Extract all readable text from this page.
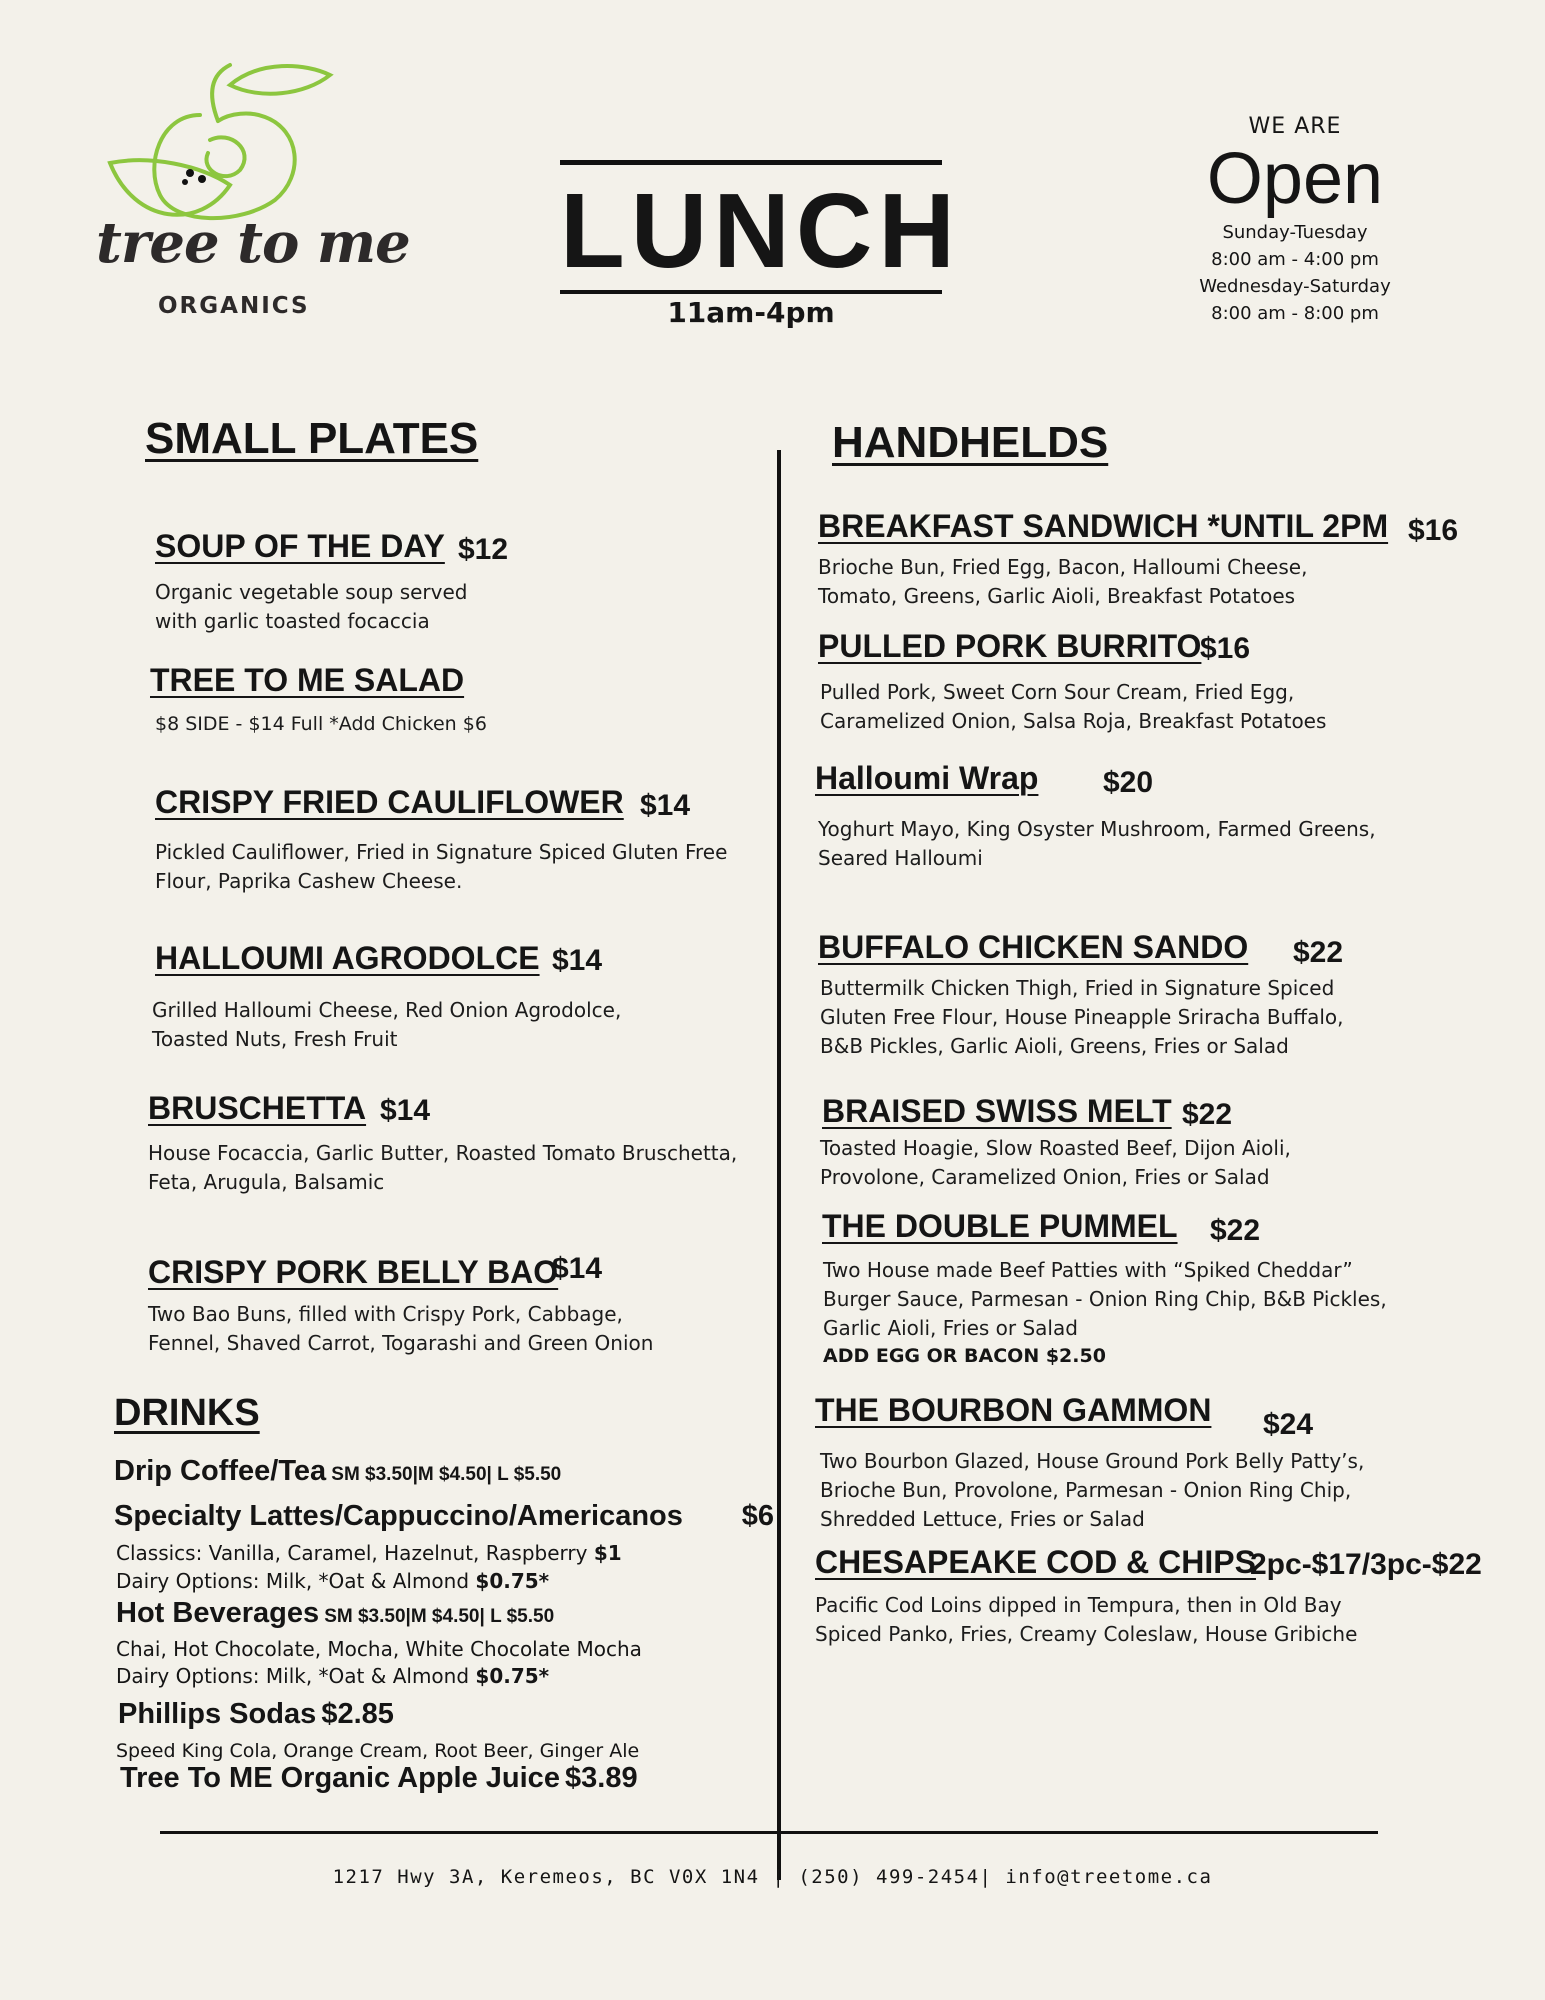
tree to me
ORGANICS
LUNCH
11am-4pm
WE ARE
Open
Sunday-Tuesday
8:00 am - 4:00 pm
Wednesday-Saturday
8:00 am - 8:00 pm
SMALL PLATES
SOUP OF THE DAY $12
Organic vegetable soup served
with garlic toasted focaccia
TREE TO ME SALAD
$8 SIDE - $14 Full *Add Chicken $6
CRISPY FRIED CAULIFLOWER $14
Pickled Cauliflower, Fried in Signature Spiced Gluten Free
Flour, Paprika Cashew Cheese.
HALLOUMI AGRODOLCE $14
Grilled Halloumi Cheese, Red Onion Agrodolce,
Toasted Nuts, Fresh Fruit
BRUSCHETTA $14
House Focaccia, Garlic Butter, Roasted Tomato Bruschetta,
Feta, Arugula, Balsamic
CRISPY PORK BELLY BAO
$14
Two Bao Buns, filled with Crispy Pork, Cabbage,
Fennel, Shaved Carrot, Togarashi and Green Onion
DRINKS
Drip Coffee/Tea SM $3.50|M $4.50| L $5.50
Specialty Lattes/Cappuccino/Americanos $6
Classics: Vanilla, Caramel, Hazelnut, Raspberry $1
Dairy Options: Milk, *Oat & Almond $0.75*
Hot Beverages SM $3.50|M $4.50| L $5.50
Chai, Hot Chocolate, Mocha, White Chocolate Mocha
Dairy Options: Milk, *Oat & Almond $0.75*
Phillips Sodas $2.85
Speed King Cola, Orange Cream, Root Beer, Ginger Ale
Tree To ME Organic Apple Juice $3.89
HANDHELDS
BREAKFAST SANDWICH *UNTIL 2PM $16
Brioche Bun, Fried Egg, Bacon, Halloumi Cheese,
Tomato, Greens, Garlic Aioli, Breakfast Potatoes
PULLED PORK BURRITO
$16
Pulled Pork, Sweet Corn Sour Cream, Fried Egg,
Caramelized Onion, Salsa Roja, Breakfast Potatoes
Halloumi Wrap $20
Yoghurt Mayo, King Osyster Mushroom, Farmed Greens,
Seared Halloumi
BUFFALO CHICKEN SANDO $22
Buttermilk Chicken Thigh, Fried in Signature Spiced
Gluten Free Flour, House Pineapple Sriracha Buffalo,
B&B Pickles, Garlic Aioli, Greens, Fries or Salad
BRAISED SWISS MELT $22
Toasted Hoagie, Slow Roasted Beef, Dijon Aioli,
Provolone, Caramelized Onion, Fries or Salad
THE DOUBLE PUMMEL $22
Two House made Beef Patties with “Spiked Cheddar”
Burger Sauce, Parmesan - Onion Ring Chip, B&B Pickles,
Garlic Aioli, Fries or Salad
ADD EGG OR BACON $2.50
THE BOURBON GAMMON $24
Two Bourbon Glazed, House Ground Pork Belly Patty’s,
Brioche Bun, Provolone, Parmesan - Onion Ring Chip,
Shredded Lettuce, Fries or Salad
CHESAPEAKE COD & CHIPS
2pc-$17/3pc-$22
Pacific Cod Loins dipped in Tempura, then in Old Bay
Spiced Panko, Fries, Creamy Coleslaw, House Gribiche
1217 Hwy 3A, Keremeos, BC V0X 1N4 | (250) 499-2454| info@treetome.ca
